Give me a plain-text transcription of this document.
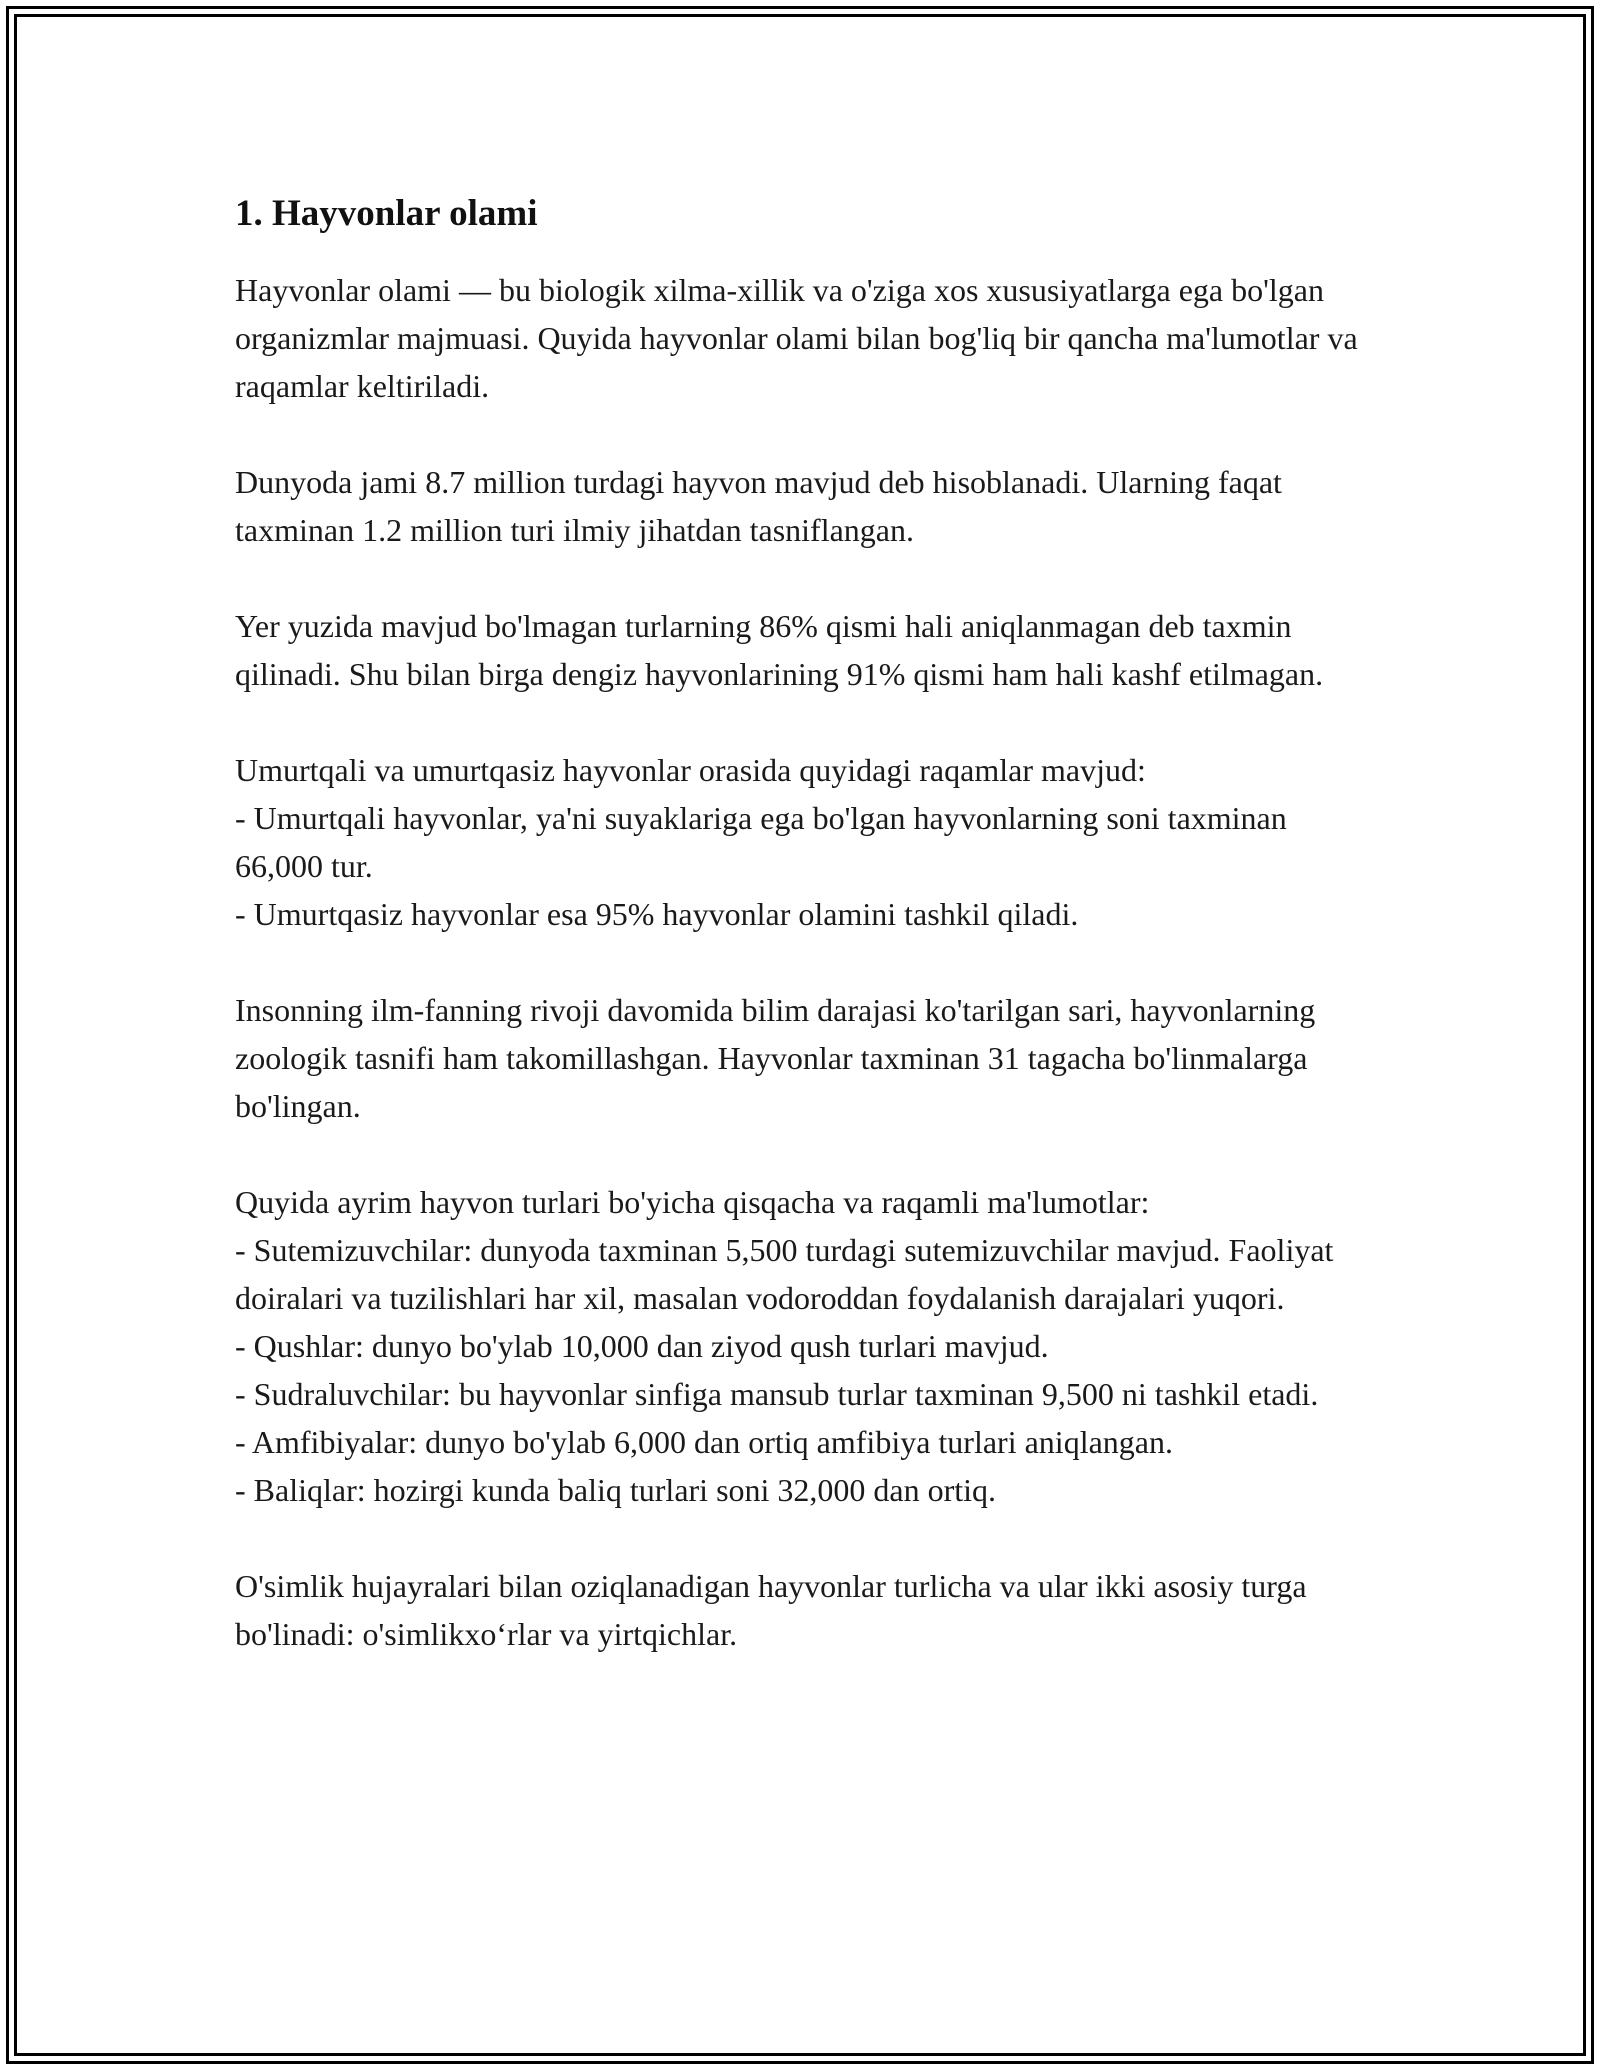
1. Hayvonlar olami

Hayvonlar olami — bu biologik xilma-xillik va o'ziga xos xususiyatlarga ega bo'lgan organizmlar majmuasi. Quyida hayvonlar olami bilan bog'liq bir qancha ma'lumotlar va raqamlar keltiriladi.

Dunyoda jami 8.7 million turdagi hayvon mavjud deb hisoblanadi. Ularning faqat taxminan 1.2 million turi ilmiy jihatdan tasniflangan.

Yer yuzida mavjud bo'lmagan turlarning 86% qismi hali aniqlanmagan deb taxmin qilinadi. Shu bilan birga dengiz hayvonlarining 91% qismi ham hali kashf etilmagan.

Umurtqali va umurtqasiz hayvonlar orasida quyidagi raqamlar mavjud:
- Umurtqali hayvonlar, ya'ni suyaklariga ega bo'lgan hayvonlarning soni taxminan 66,000 tur.
- Umurtqasiz hayvonlar esa 95% hayvonlar olamini tashkil qiladi.

Insonning ilm-fanning rivoji davomida bilim darajasi ko'tarilgan sari, hayvonlarning zoologik tasnifi ham takomillashgan. Hayvonlar taxminan 31 tagacha bo'linmalarga bo'lingan.

Quyida ayrim hayvon turlari bo'yicha qisqacha va raqamli ma'lumotlar:
- Sutemizuvchilar: dunyoda taxminan 5,500 turdagi sutemizuvchilar mavjud. Faoliyat doiralari va tuzilishlari har xil, masalan vodoroddan foydalanish darajalari yuqori.
- Qushlar: dunyo bo'ylab 10,000 dan ziyod qush turlari mavjud.
- Sudraluvchilar: bu hayvonlar sinfiga mansub turlar taxminan 9,500 ni tashkil etadi.
- Amfibiyalar: dunyo bo'ylab 6,000 dan ortiq amfibiya turlari aniqlangan.
- Baliqlar: hozirgi kunda baliq turlari soni 32,000 dan ortiq.

O'simlik hujayralari bilan oziqlanadigan hayvonlar turlicha va ular ikki asosiy turga bo'linadi: o'simlikxoʻrlar va yirtqichlar.
